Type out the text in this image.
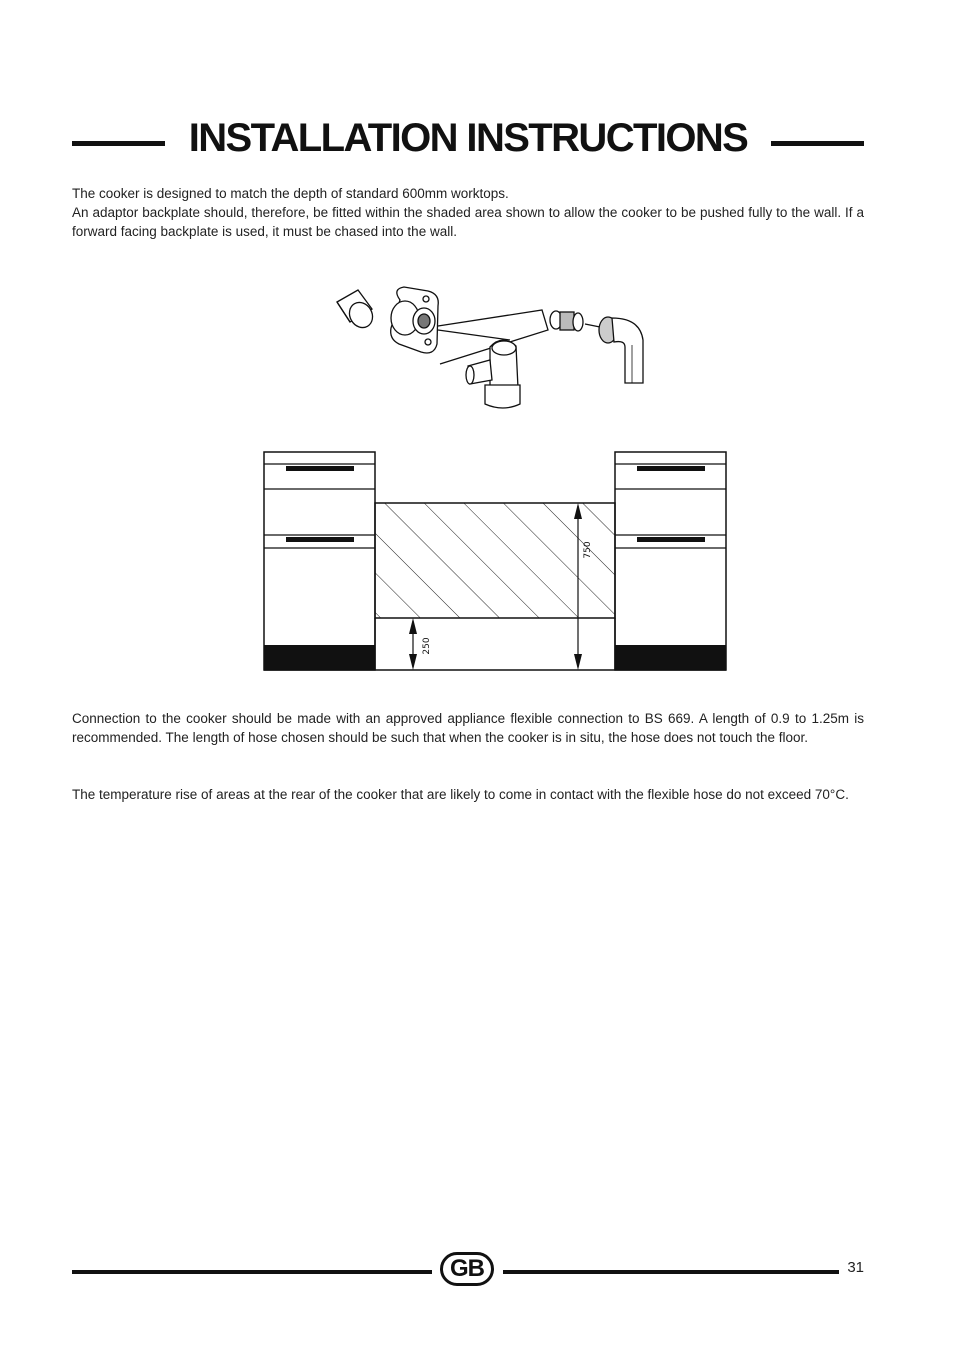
INSTALLATION INSTRUCTIONS

The cooker is designed to match the depth of standard 600mm worktops.

An adaptor backplate should, therefore, be fitted within the shaded area shown to allow the cooker to be pushed fully to the wall. If a forward facing backplate is used, it must be chased into the wall.

750
250

Connection to the cooker should be made with an approved appliance flexible connection to BS 669. A length of 0.9 to 1.25m is recommended. The length of hose chosen should be such that when the cooker is in situ, the hose does not touch the floor.

The temperature rise of areas at the rear of the cooker that are likely to come in contact with the flexible hose do not exceed 70°C.

GB	31
